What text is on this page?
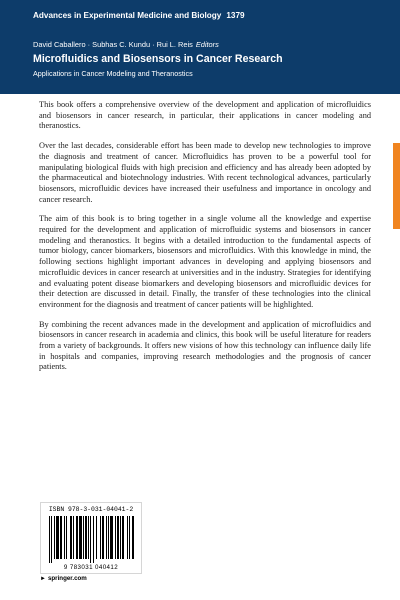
Advances in Experimental Medicine and Biology 1379
David Caballero · Subhas C. Kundu · Rui L. Reis Editors
Microfluidics and Biosensors in Cancer Research
Applications in Cancer Modeling and Theranostics

This book offers a comprehensive overview of the development and application of microfluidics and biosensors in cancer research, in particular, their applications in cancer modeling and theranostics.

Over the last decades, considerable effort has been made to develop new technologies to improve the diagnosis and treatment of cancer. Microfluidics has proven to be a powerful tool for manipulating biological fluids with high precision and efficiency and has already been adopted by the pharmaceutical and biotechnology industries. With recent technological advances, particularly biosensors, microfluidic devices have increased their usefulness and importance in oncology and cancer research.

The aim of this book is to bring together in a single volume all the knowledge and expertise required for the development and application of microfluidic systems and biosensors in cancer modeling and theranostics. It begins with a detailed introduction to the fundamental aspects of tumor biology, cancer biomarkers, biosensors and microfluidics. With this knowledge in mind, the following sections highlight important advances in developing and applying biosensors and microfluidic devices in cancer research at universities and in the industry. Strategies for identifying and evaluating potent disease biomarkers and developing biosensors and microfluidic devices for their detection are discussed in detail. Finally, the transfer of these technologies into the clinical environment for the diagnosis and treatment of cancer patients will be highlighted.

By combining the recent advances made in the development and application of microfluidics and biosensors in cancer research in academia and clinics, this book will be useful literature for readers from a variety of backgrounds. It offers new visions of how this technology can influence daily life in hospitals and companies, improving research methodologies and the prognosis of cancer patients.

ISBN 978-3-031-04041-2
9 783031 040412
► springer.com
